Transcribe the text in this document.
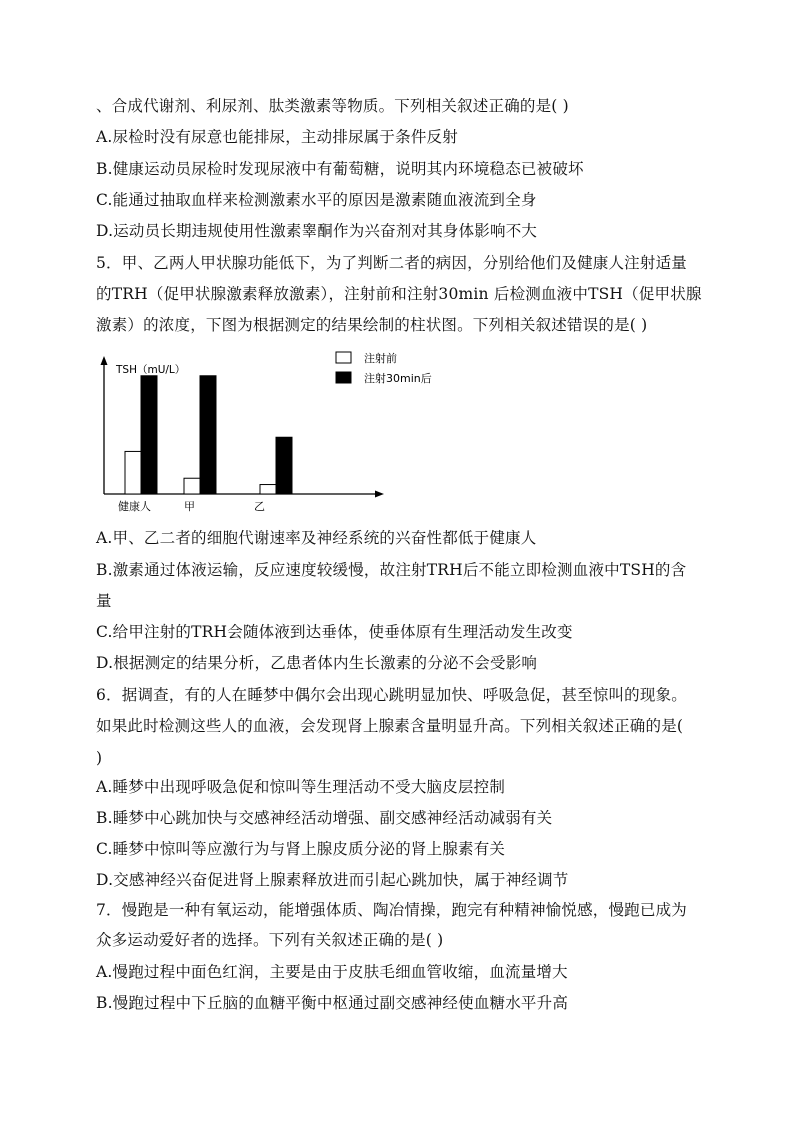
、合成代谢剂、利尿剂、肽类激素等物质。下列相关叙述正确的是( )
A.尿检时没有尿意也能排尿，主动排尿属于条件反射
B.健康运动员尿检时发现尿液中有葡萄糖，说明其内环境稳态已被破坏
C.能通过抽取血样来检测激素水平的原因是激素随血液流到全身
D.运动员长期违规使用性激素睾酮作为兴奋剂对其身体影响不大
5．甲、乙两人甲状腺功能低下，为了判断二者的病因，分别给他们及健康人注射适量
的TRH（促甲状腺激素释放激素），注射前和注射30min 后检测血液中TSH（促甲状腺
激素）的浓度，下图为根据测定的结果绘制的柱状图。下列相关叙述错误的是( )
A.甲、乙二者的细胞代谢速率及神经系统的兴奋性都低于健康人
B.激素通过体液运输，反应速度较缓慢，故注射TRH后不能立即检测血液中TSH的含
量
C.给甲注射的TRH会随体液到达垂体，使垂体原有生理活动发生改变
D.根据测定的结果分析，乙患者体内生长激素的分泌不会受影响
6．据调查，有的人在睡梦中偶尔会出现心跳明显加快、呼吸急促，甚至惊叫的现象。
如果此时检测这些人的血液，会发现肾上腺素含量明显升高。下列相关叙述正确的是(
)
A.睡梦中出现呼吸急促和惊叫等生理活动不受大脑皮层控制
B.睡梦中心跳加快与交感神经活动增强、副交感神经活动减弱有关
C.睡梦中惊叫等应激行为与肾上腺皮质分泌的肾上腺素有关
D.交感神经兴奋促进肾上腺素释放进而引起心跳加快，属于神经调节
7．慢跑是一种有氧运动，能增强体质、陶冶情操，跑完有种精神愉悦感，慢跑已成为
众多运动爱好者的选择。下列有关叙述正确的是( )
A.慢跑过程中面色红润，主要是由于皮肤毛细血管收缩，血流量增大
B.慢跑过程中下丘脑的血糖平衡中枢通过副交感神经使血糖水平升高
TSH（mU/L）
注射前
注射30min后
健康人	甲	乙
